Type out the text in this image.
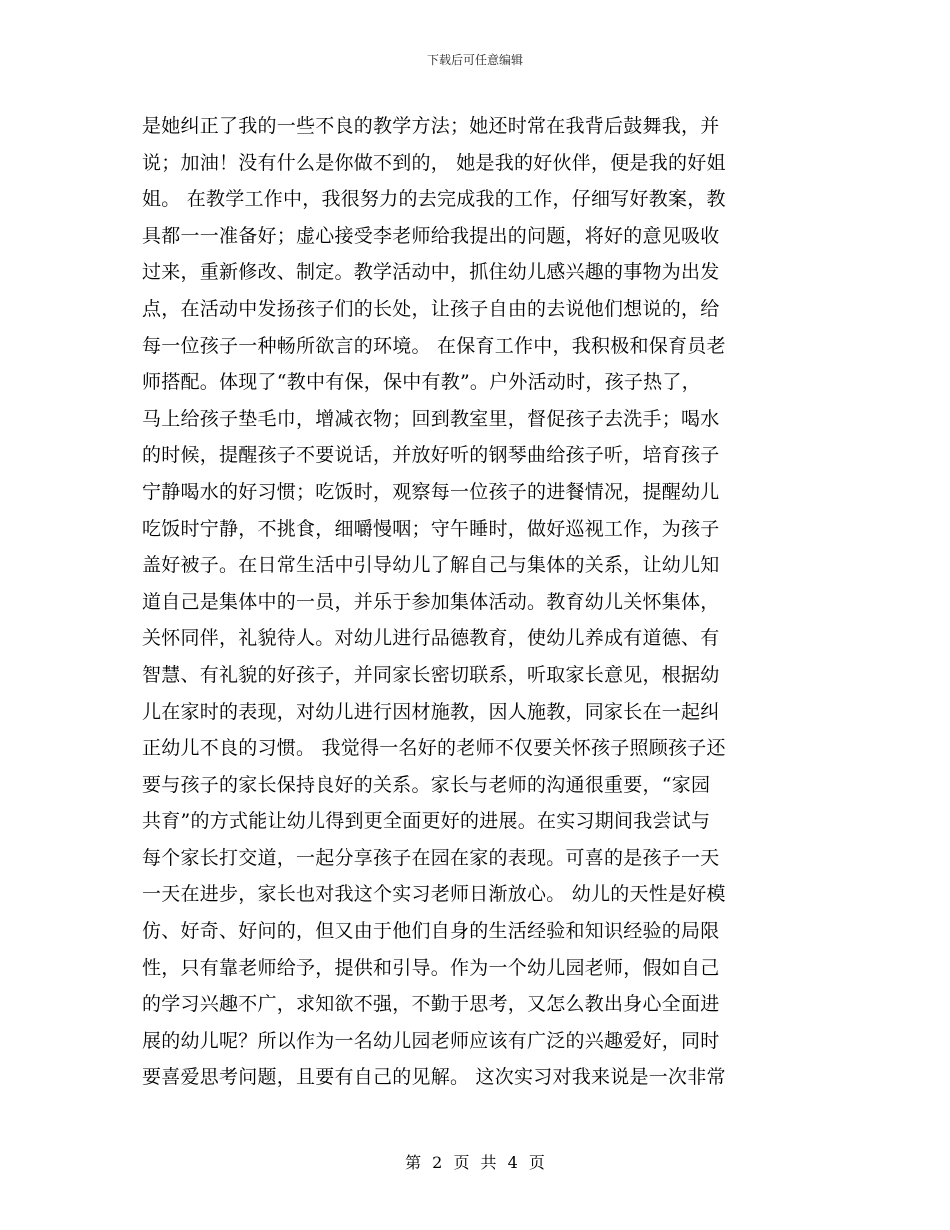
下载后可任意编辑
是她纠正了我的一些不良的教学方法；她还时常在我背后鼓舞我，并
说；加油！没有什么是你做不到的， 她是我的好伙伴，便是我的好姐
姐。 在教学工作中，我很努力的去完成我的工作，仔细写好教案，教
具都一一准备好；虚心接受李老师给我提出的问题，将好的意见吸收
过来，重新修改、制定。教学活动中，抓住幼儿感兴趣的事物为出发
点，在活动中发扬孩子们的长处，让孩子自由的去说他们想说的，给
每一位孩子一种畅所欲言的环境。 在保育工作中，我积极和保育员老
师搭配。体现了“教中有保，保中有教”。户外活动时，孩子热了，
马上给孩子垫毛巾，增减衣物；回到教室里，督促孩子去洗手；喝水
的时候，提醒孩子不要说话，并放好听的钢琴曲给孩子听，培育孩子
宁静喝水的好习惯；吃饭时，观察每一位孩子的进餐情况，提醒幼儿
吃饭时宁静，不挑食，细嚼慢咽；守午睡时，做好巡视工作，为孩子
盖好被子。在日常生活中引导幼儿了解自己与集体的关系，让幼儿知
道自己是集体中的一员，并乐于参加集体活动。教育幼儿关怀集体，
关怀同伴，礼貌待人。对幼儿进行品德教育，使幼儿养成有道德、有
智慧、有礼貌的好孩子，并同家长密切联系，听取家长意见，根据幼
儿在家时的表现，对幼儿进行因材施教，因人施教，同家长在一起纠
正幼儿不良的习惯。 我觉得一名好的老师不仅要关怀孩子照顾孩子还
要与孩子的家长保持良好的关系。家长与老师的沟通很重要，“家园
共育”的方式能让幼儿得到更全面更好的进展。在实习期间我尝试与
每个家长打交道，一起分享孩子在园在家的表现。可喜的是孩子一天
一天在进步，家长也对我这个实习老师日渐放心。 幼儿的天性是好模
仿、好奇、好问的，但又由于他们自身的生活经验和知识经验的局限
性，只有靠老师给予，提供和引导。作为一个幼儿园老师，假如自己
的学习兴趣不广，求知欲不强，不勤于思考，又怎么教出身心全面进
展的幼儿呢？所以作为一名幼儿园老师应该有广泛的兴趣爱好，同时
要喜爱思考问题，且要有自己的见解。 这次实习对我来说是一次非常
第 2 页 共 4 页
